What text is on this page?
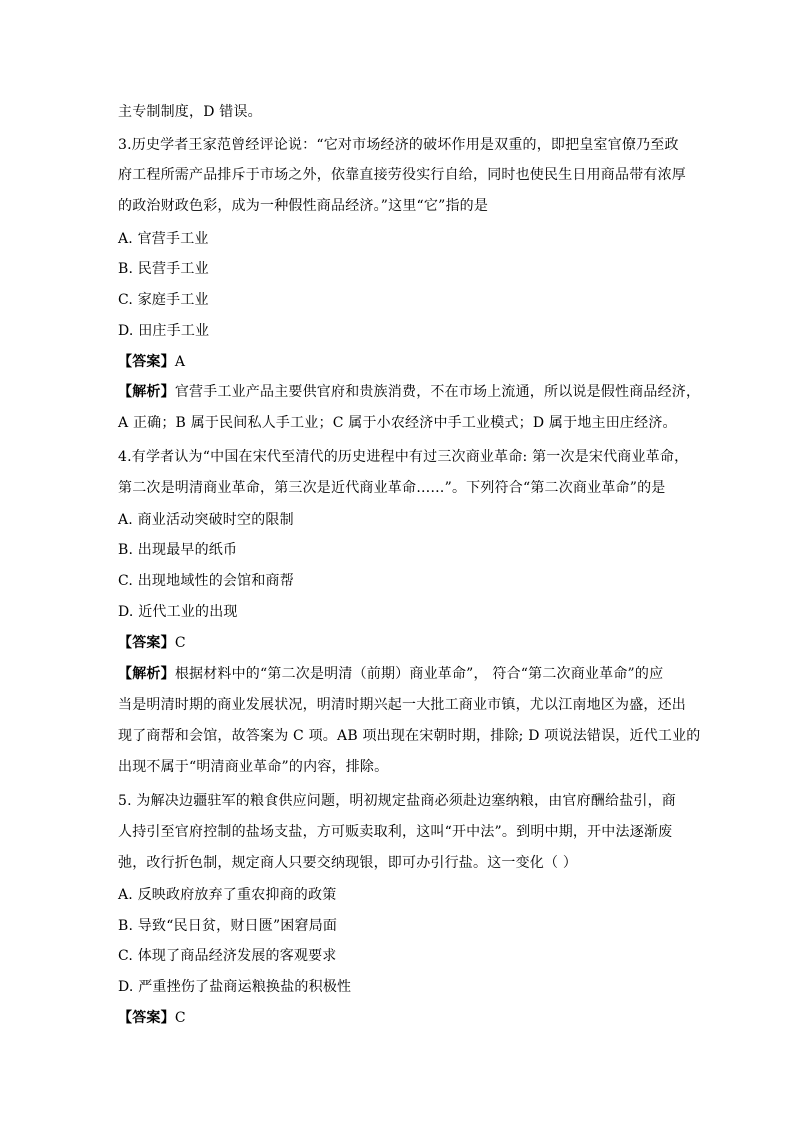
主专制制度，D 错误。
3.历史学者王家范曾经评论说：“它对市场经济的破坏作用是双重的，即把皇室官僚乃至政
府工程所需产品排斥于市场之外，依靠直接劳役实行自给，同时也使民生日用商品带有浓厚
的政治财政色彩，成为一种假性商品经济。”这里“它”指的是
A. 官营手工业
B. 民营手工业
C. 家庭手工业
D. 田庄手工业
【答案】A
【解析】官营手工业产品主要供官府和贵族消费，不在市场上流通，所以说是假性商品经济，
A 正确；B 属于民间私人手工业；C 属于小农经济中手工业模式；D 属于地主田庄经济。
4.有学者认为“中国在宋代至清代的历史进程中有过三次商业革命: 第一次是宋代商业革命，
第二次是明清商业革命，第三次是近代商业革命……”。下列符合“第二次商业革命”的是
A. 商业活动突破时空的限制
B. 出现最早的纸币
C. 出现地域性的会馆和商帮
D. 近代工业的出现
【答案】C
【解析】根据材料中的“第二次是明清（前期）商业革命”， 符合“第二次商业革命”的应
当是明清时期的商业发展状况，明清时期兴起一大批工商业市镇，尤以江南地区为盛，还出
现了商帮和会馆，故答案为 C 项。AB 项出现在宋朝时期，排除; D 项说法错误，近代工业的
出现不属于“明清商业革命”的内容，排除。
5. 为解决边疆驻军的粮食供应问题，明初规定盐商必须赴边塞纳粮，由官府酬给盐引，商
人持引至官府控制的盐场支盐，方可贩卖取利，这叫“开中法”。到明中期，开中法逐渐废
弛，改行折色制，规定商人只要交纳现银，即可办引行盐。这一变化（ ）
A. 反映政府放弃了重农抑商的政策
B. 导致“民日贫，财日匮”困窘局面
C. 体现了商品经济发展的客观要求
D. 严重挫伤了盐商运粮换盐的积极性
【答案】C
